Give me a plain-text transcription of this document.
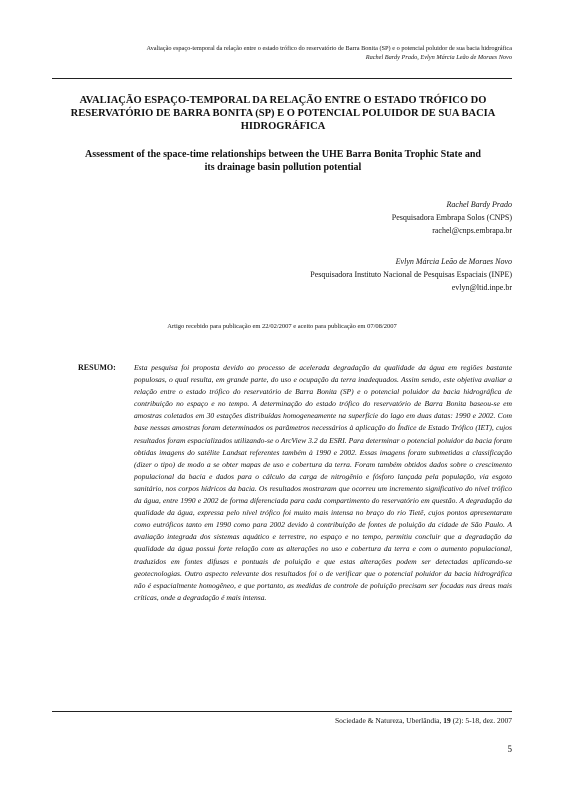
Avaliação espaço-temporal da relação entre o estado trófico do reservatório de Barra Bonita (SP) e o potencial poluidor de sua bacia hidrográfica
Rachel Bardy Prado, Evlyn Márcia Leão de Moraes Novo
AVALIAÇÃO ESPAÇO-TEMPORAL DA RELAÇÃO ENTRE O ESTADO TRÓFICO DO RESERVATÓRIO DE BARRA BONITA (SP) E O POTENCIAL POLUIDOR DE SUA BACIA HIDROGRÁFICA
Assessment of the space-time relationships between the UHE Barra Bonita Trophic State and its drainage basin pollution potential
Rachel Bardy Prado
Pesquisadora Embrapa Solos (CNPS)
rachel@cnps.embrapa.br
Evlyn Márcia Leão de Moraes Novo
Pesquisadora Instituto Nacional de Pesquisas Espaciais (INPE)
evlyn@ltid.inpe.br
Artigo recebido para publicação em 22/02/2007 e aceito para publicação em 07/08/2007
RESUMO: Esta pesquisa foi proposta devido ao processo de acelerada degradação da qualidade da água em regiões bastante populosas, o qual resulta, em grande parte, do uso e ocupação da terra inadequados. Assim sendo, este objetiva avaliar a relação entre o estado trófico do reservatório de Barra Bonita (SP) e o potencial poluidor da bacia hidrográfica de contribuição no espaço e no tempo. A determinação do estado trófico do reservatório de Barra Bonita baseou-se em amostras coletados em 30 estações distribuídas homogeneamente na superfície do lago em duas datas: 1990 e 2002. Com base nessas amostras foram determinados os parâmetros necessários à aplicação do Índice de Estado Trófico (IET), cujos resultados foram espacializados utilizando-se o ArcView 3.2 da ESRI. Para determinar o potencial poluidor da bacia foram obtidas imagens do satélite Landsat referentes também à 1990 e 2002. Essas imagens foram submetidas a classificação (dizer o tipo) de modo a se obter mapas de uso e cobertura da terra. Foram também obtidos dados sobre o crescimento populacional da bacia e dados para o cálculo da carga de nitrogênio e fósforo lançada pela população, via esgoto sanitário, nos corpos hídricos da bacia. Os resultados mostraram que ocorreu um incremento significativo do nível trófico da água, entre 1990 e 2002 de forma diferenciada para cada compartimento do reservatório em questão. A degradação da qualidade da água, expressa pelo nível trófico foi muito mais intensa no braço do rio Tietê, cujos pontos apresentaram como eutróficos tanto em 1990 como para 2002 devido à contribuição de fontes de poluição da cidade de São Paulo. A avaliação integrada dos sistemas aquático e terrestre, no espaço e no tempo, permitiu concluir que a degradação da qualidade da água possui forte relação com as alterações no uso e cobertura da terra e com o aumento populacional, traduzidos em fontes difusas e pontuais de poluição e que estas alterações podem ser detectadas aplicando-se geotecnologias. Outro aspecto relevante dos resultados foi o de verificar que o potencial poluidor da bacia hidrográfica não é espacialmente homogêneo, e que portanto, as medidas de controle de poluição precisam ser focadas nas áreas mais críticas, onde a degradação é mais intensa.

Sociedade & Natureza, Uberlândia, 19 (2): 5-18, dez. 2007
5
